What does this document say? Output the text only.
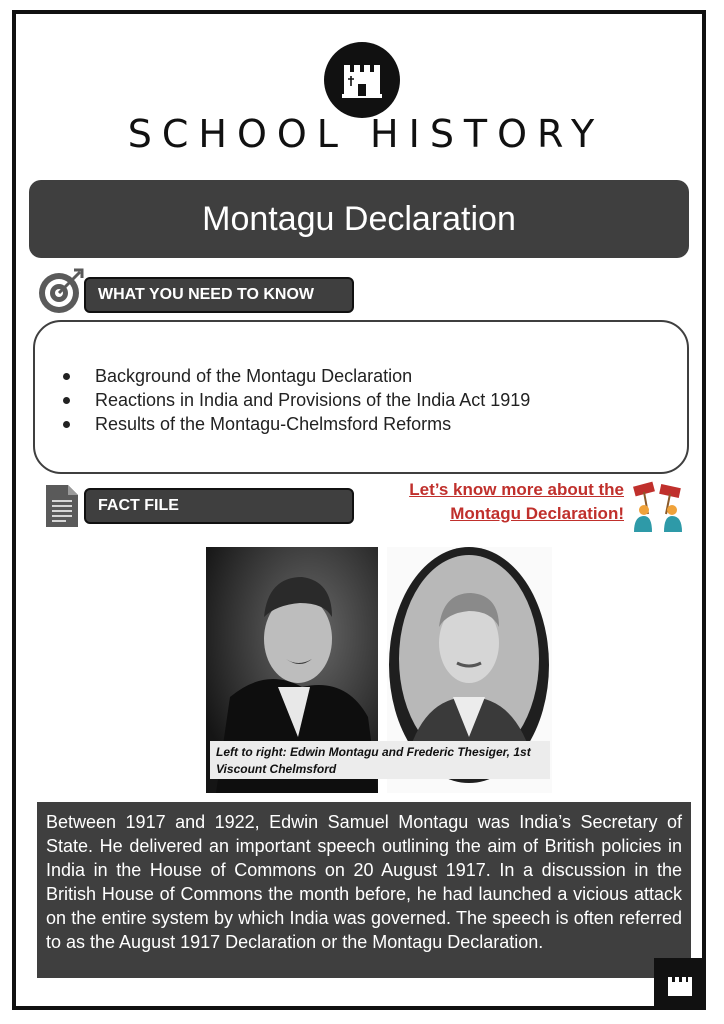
SCHOOL HISTORY
Montagu Declaration
WHAT YOU NEED TO KNOW
Background of the Montagu Declaration
Reactions in India and Provisions of the India Act 1919
Results of the Montagu-Chelmsford Reforms
FACT FILE
Let’s know more about the
Montagu Declaration!
Left to right: Edwin Montagu and Frederic Thesiger, 1st Viscount Chelmsford
Between 1917 and 1922, Edwin Samuel Montagu was India’s Secretary of State. He delivered an important speech outlining the aim of British policies in India in the House of Commons on 20 August 1917. In a discussion in the British House of Commons the month before, he had launched a vicious attack on the entire system by which India was governed. The speech is often referred to as the August 1917 Declaration or the Montagu Declaration.
